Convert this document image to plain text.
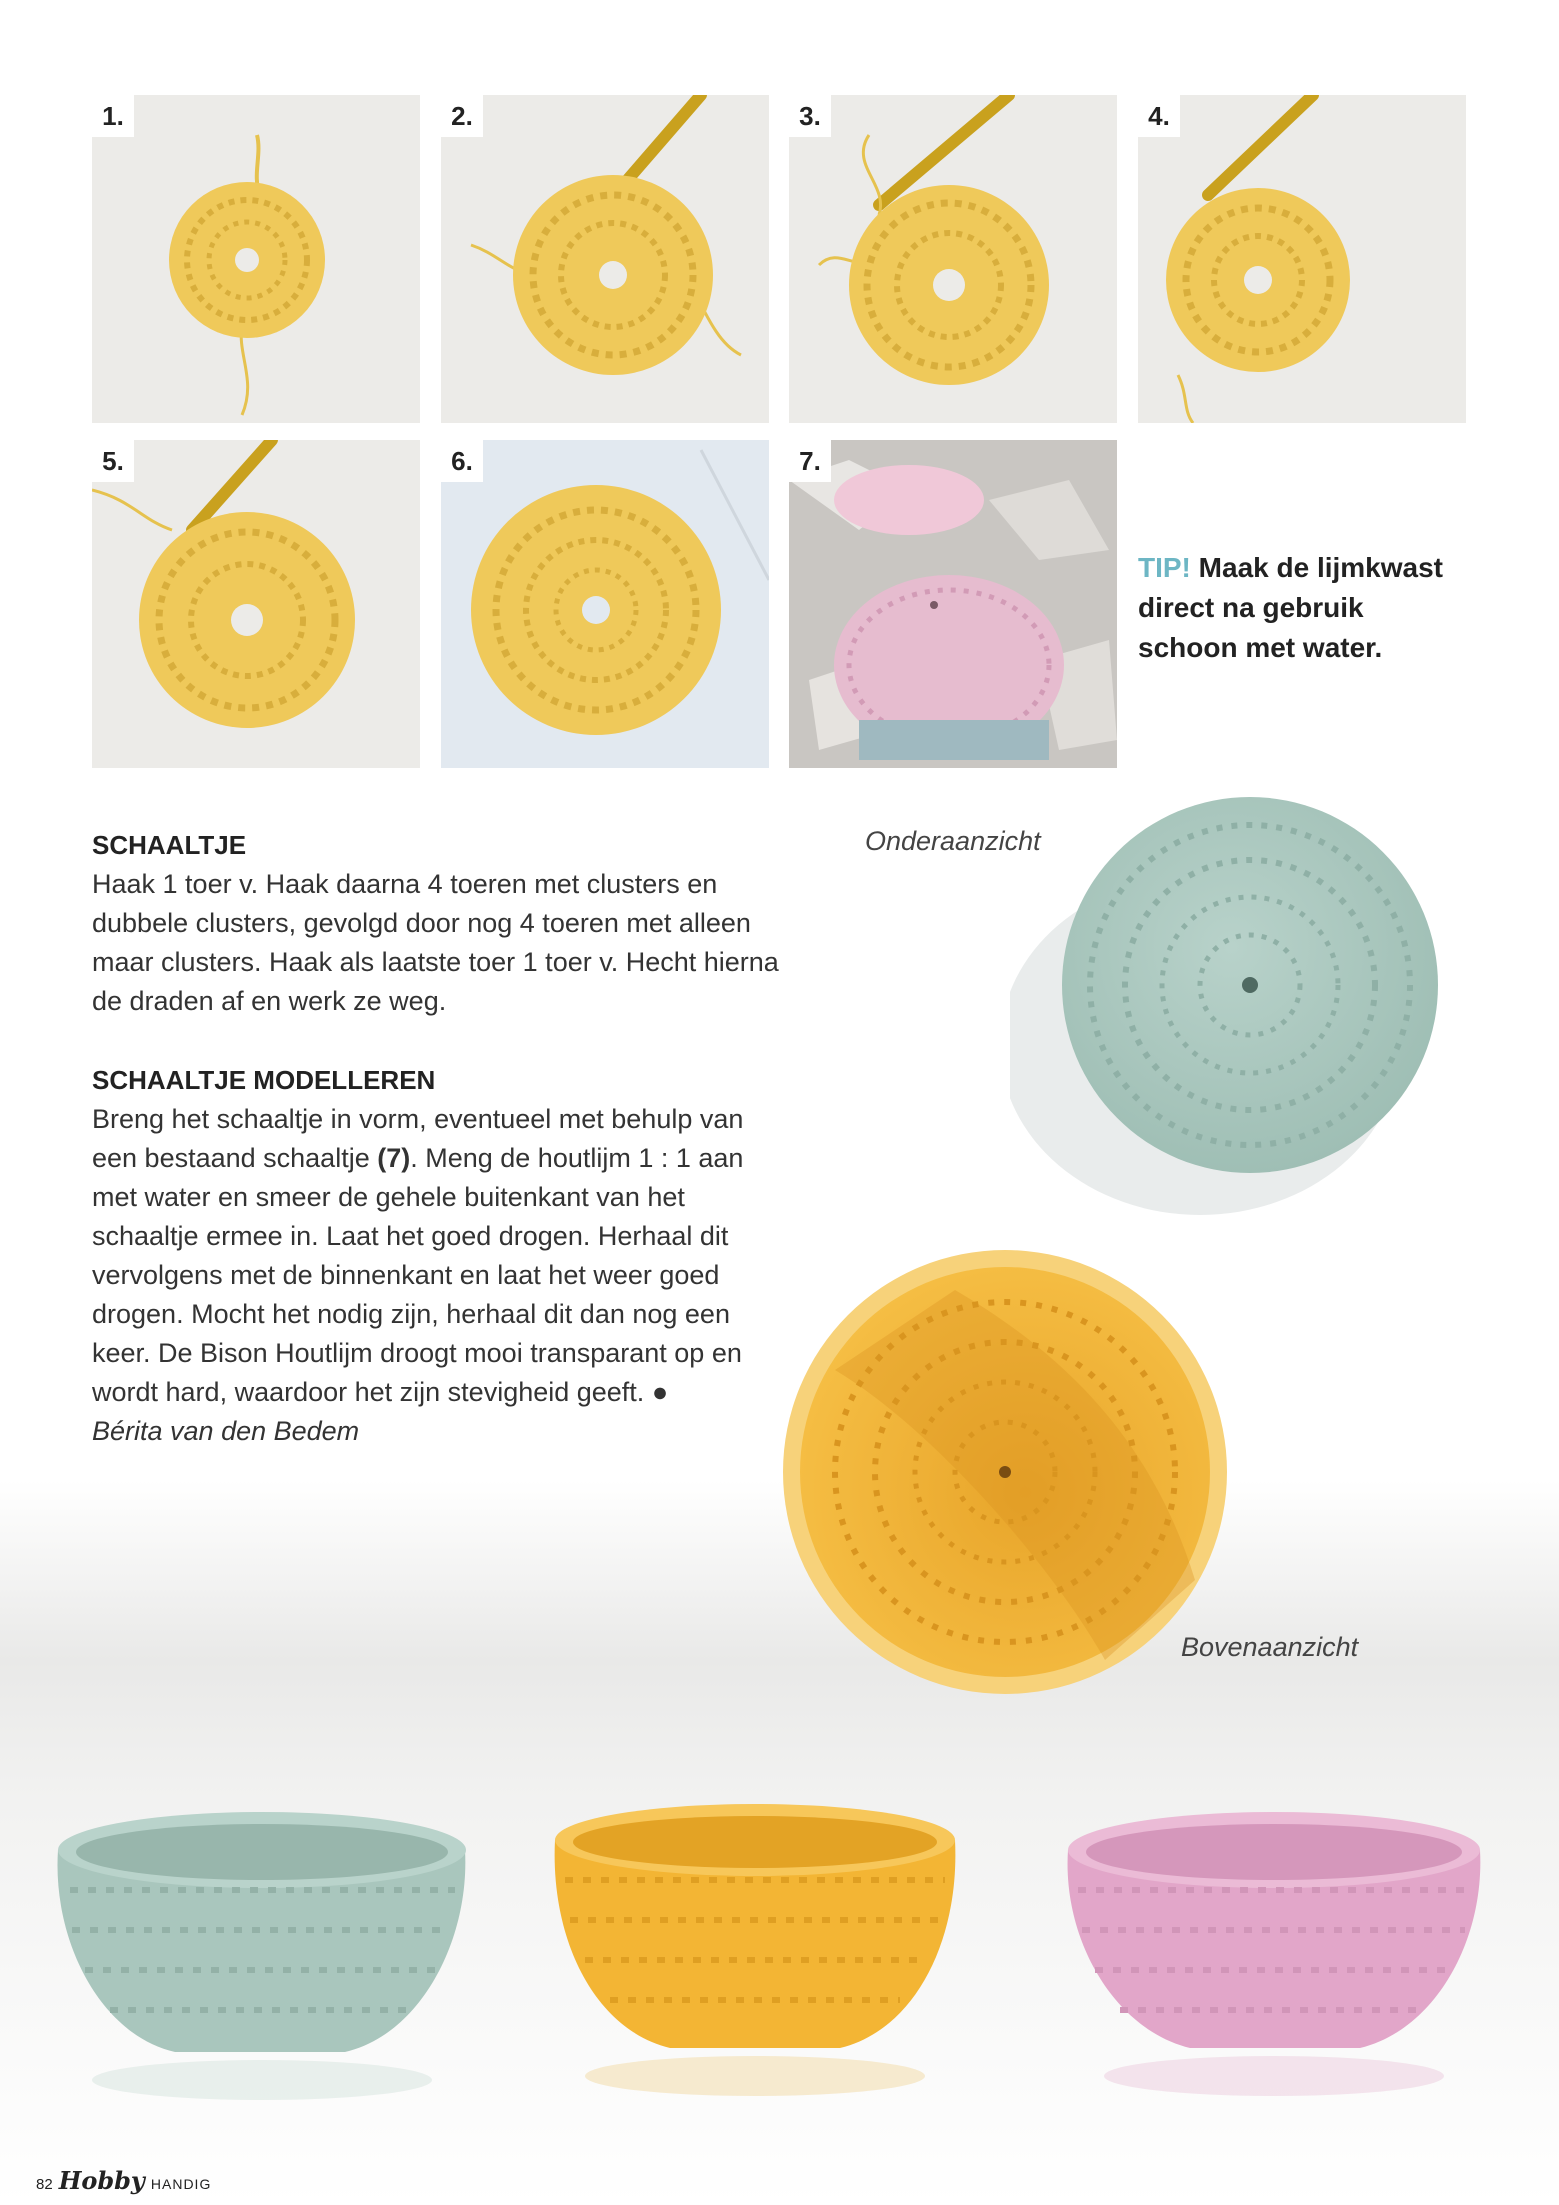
1.	2.	3.	4.
5.	6.	7.
TIP! Maak de lijmkwast direct na gebruik schoon met water.
SCHAALTJE
Haak 1 toer v. Haak daarna 4 toeren met clusters en dubbele clusters, gevolgd door nog 4 toeren met alleen maar clusters. Haak als laatste toer 1 toer v. Hecht hierna de draden af en werk ze weg.
SCHAALTJE MODELLEREN
Breng het schaaltje in vorm, eventueel met behulp van een bestaand schaaltje (7). Meng de houtlijm 1 : 1 aan met water en smeer de gehele buitenkant van het schaaltje ermee in. Laat het goed drogen. Herhaal dit vervolgens met de binnenkant en laat het weer goed drogen. Mocht het nodig zijn, herhaal dit dan nog een keer. De Bison Houtlijm droogt mooi transparant op en wordt hard, waardoor het zijn stevigheid geeft. ●
Bérita van den Bedem
Onderaanzicht
Bovenaanzicht
82 Hobby HANDIG
